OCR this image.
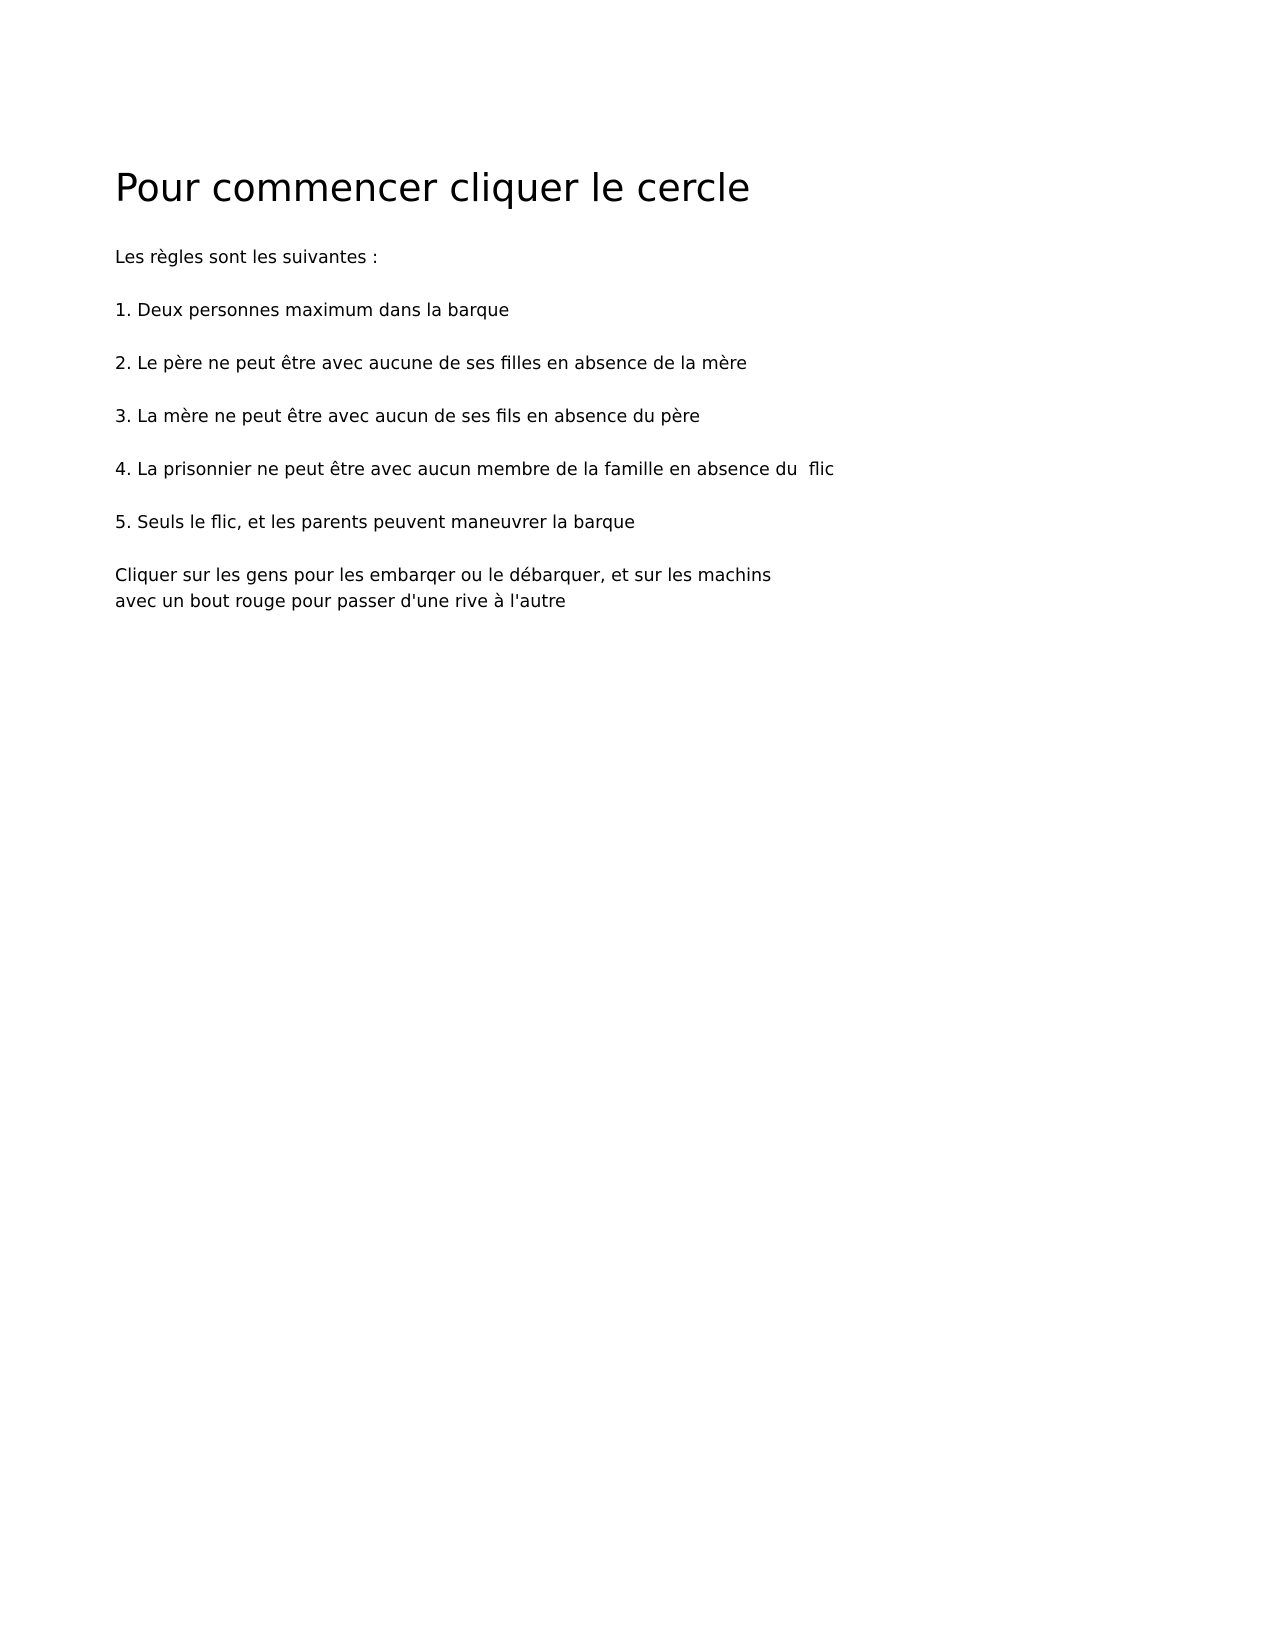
Pour commencer cliquer le cercle

Les règles sont les suivantes :

1. Deux personnes maximum dans la barque

2. Le père ne peut être avec aucune de ses filles en absence de la mère

3. La mère ne peut être avec aucun de ses fils en absence du père

4. La prisonnier ne peut être avec aucun membre de la famille en absence du  flic

5. Seuls le flic, et les parents peuvent maneuvrer la barque

Cliquer sur les gens pour les embarqer ou le débarquer, et sur les machins
avec un bout rouge pour passer d'une rive à l'autre
